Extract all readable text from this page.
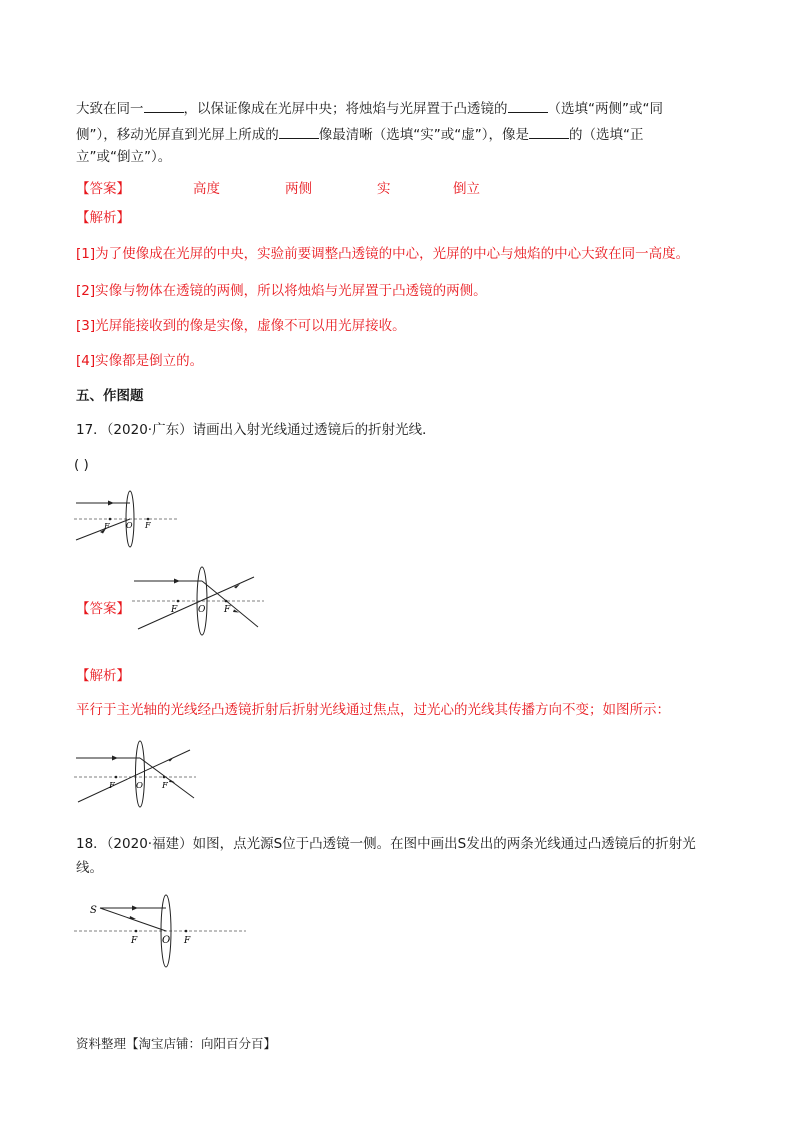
大致在同一	，以保证像成在光屏中央；将烛焰与光屏置于凸透镜的	（选填“两侧”或“同
侧”），移动光屏直到光屏上所成的	像最清晰（选填“实”或“虚”），像是	的（选填“正
立”或“倒立”）。
【答案】	高度	两侧	实	倒立
【解析】
[1]为了使像成在光屏的中央，实验前要调整凸透镜的中心，光屏的中心与烛焰的中心大致在同一高度。
[2]实像与物体在透镜的两侧，所以将烛焰与光屏置于凸透镜的两侧。
[3]光屏能接收到的像是实像，虚像不可以用光屏接收。
[4]实像都是倒立的。
五、作图题
17．（2020·广东）请画出入射光线通过透镜后的折射光线．
( )
F O F
【答案】	F O F
【解析】
平行于主光轴的光线经凸透镜折射后折射光线通过焦点，过光心的光线其传播方向不变；如图所示：
F O F
18．（2020·福建）如图，点光源S位于凸透镜一侧。在图中画出S发出的两条光线通过凸透镜后的折射光
线。
S
F O F
资料整理【淘宝店铺：向阳百分百】
